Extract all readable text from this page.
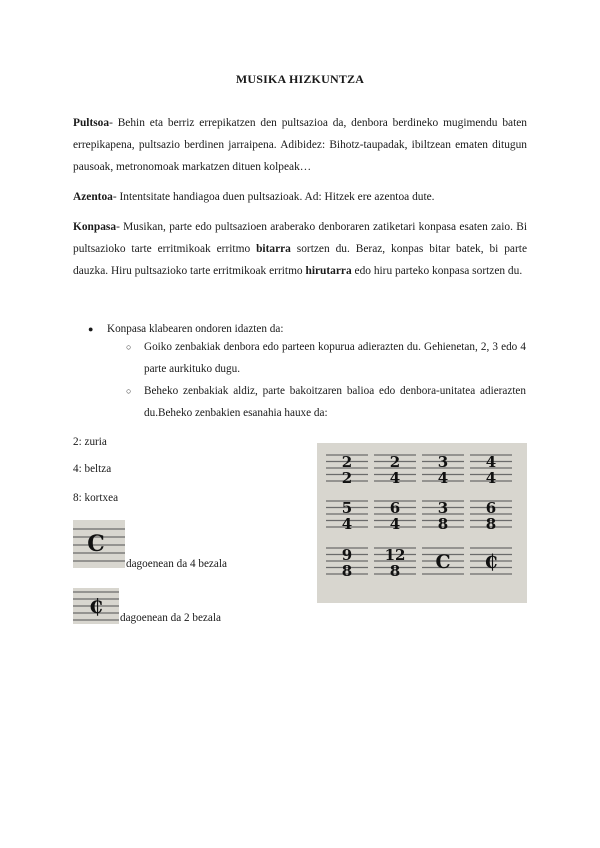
MUSIKA HIZKUNTZA
Pultsoa- Behin eta berriz errepikatzen den pultsazioa da, denbora berdineko mugimendu baten errepikapena, pultsazio berdinen jarraipena. Adibidez: Bihotz-taupadak, ibiltzean ematen ditugun pausoak, metronomoak markatzen dituen kolpeak…
Azentoa- Intentsitate handiagoa duen pultsazioak. Ad: Hitzek ere azentoa dute.
Konpasa- Musikan, parte edo pultsazioen araberako denboraren zatiketari konpasa esaten zaio. Bi pultsazioko tarte erritmikoak erritmo bitarra sortzen du. Beraz, konpas bitar batek, bi parte dauzka. Hiru pultsazioko tarte erritmikoak erritmo hirutarra edo hiru parteko konpasa sortzen du.
● Konpasa klabearen ondoren idazten da:
○ Goiko zenbakiak denbora edo parteen kopurua adierazten du. Gehienetan, 2, 3 edo 4 parte aurkituko dugu.
○ Beheko zenbakiak aldiz, parte bakoitzaren balioa edo denbora-unitatea adierazten du.Beheko zenbakien esanahia hauxe da:
2: zuria
4: beltza
8: kortxea
C
dagoenean da 4 bezala
₵ dagoenean da 2 bezala
2
2
2
4
3
4
4
4
5
4
6
4
3
8
6
8
9
8
12
8 C ₵
